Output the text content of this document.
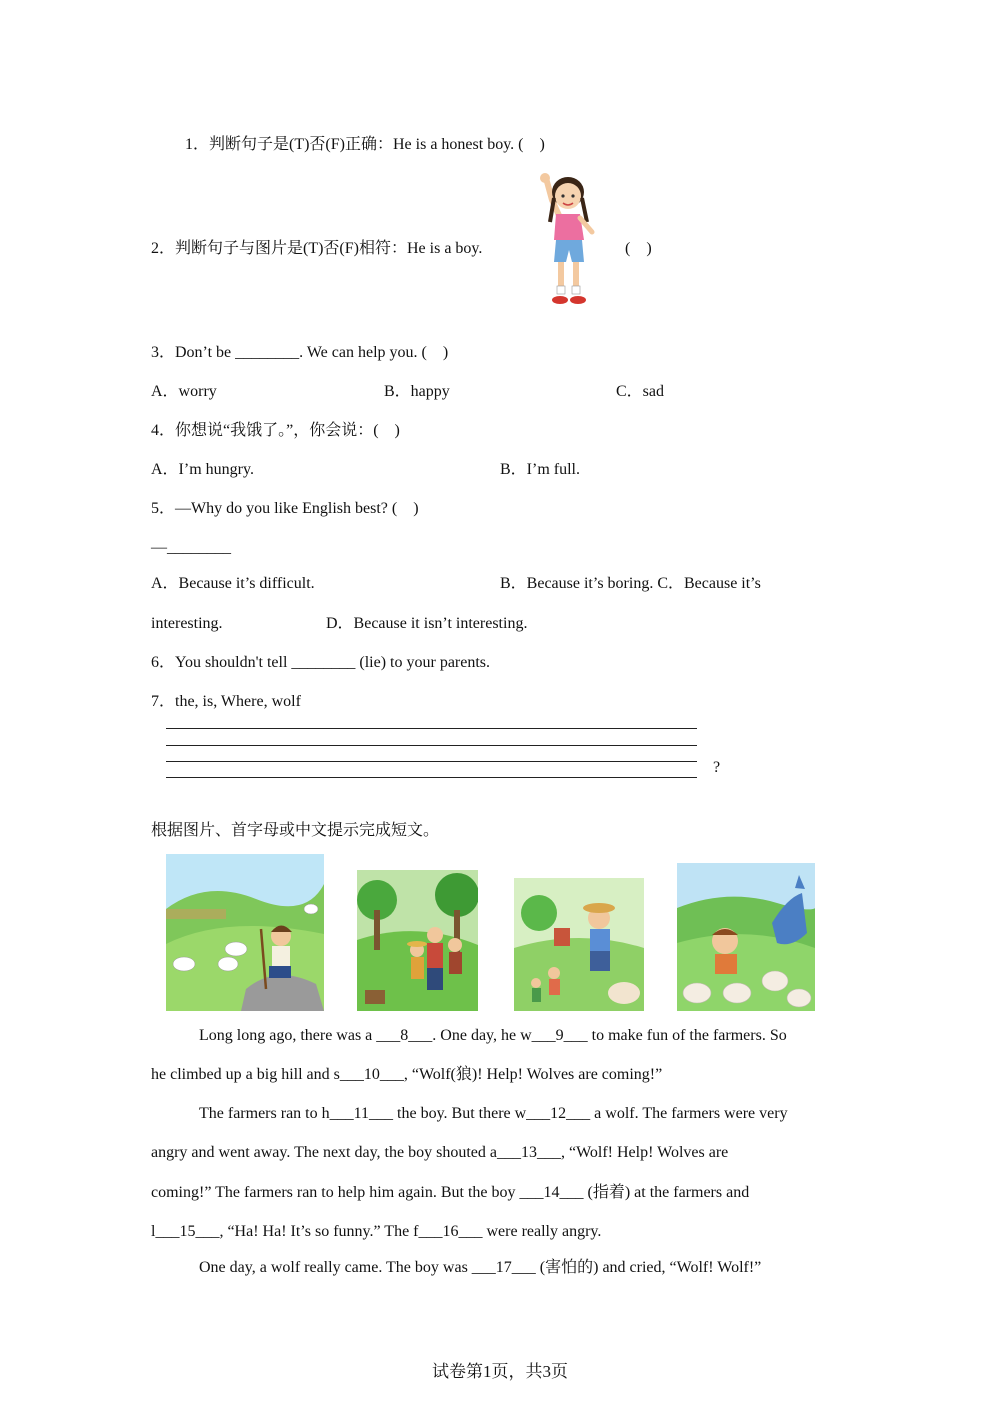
1．判断句子是(T)否(F)正确：He is a honest boy. (　)
2．判断句子与图片是(T)否(F)相符：He is a boy.	(　)
3．Don’t be ________. We can help you. (　)
A．worry	B．happy	C．sad
4．你想说“我饿了。”，你会说：(　)
A．I’m hungry.	B．I’m full.
5．—Why do you like English best? (　)
—________
A．Because it’s difficult.	B．Because it’s boring. C．Because it’s
interesting.	D．Because it isn’t interesting.
6．You shouldn't tell ________ (lie) to your parents.
7．the, is, Where, wolf
?
根据图片、首字母或中文提示完成短文。
Long long ago, there was a ___8___. One day, he w___9___ to make fun of the farmers. So
he climbed up a big hill and s___10___, “Wolf(狼)! Help! Wolves are coming!”
The farmers ran to h___11___ the boy. But there w___12___ a wolf. The farmers were very
angry and went away. The next day, the boy shouted a___13___, “Wolf! Help! Wolves are
coming!” The farmers ran to help him again. But the boy ___14___ (指着) at the farmers and
l___15___, “Ha! Ha! It’s so funny.” The f___16___ were really angry.
One day, a wolf really came. The boy was ___17___ (害怕的) and cried, “Wolf! Wolf!”
试卷第1页，共3页
